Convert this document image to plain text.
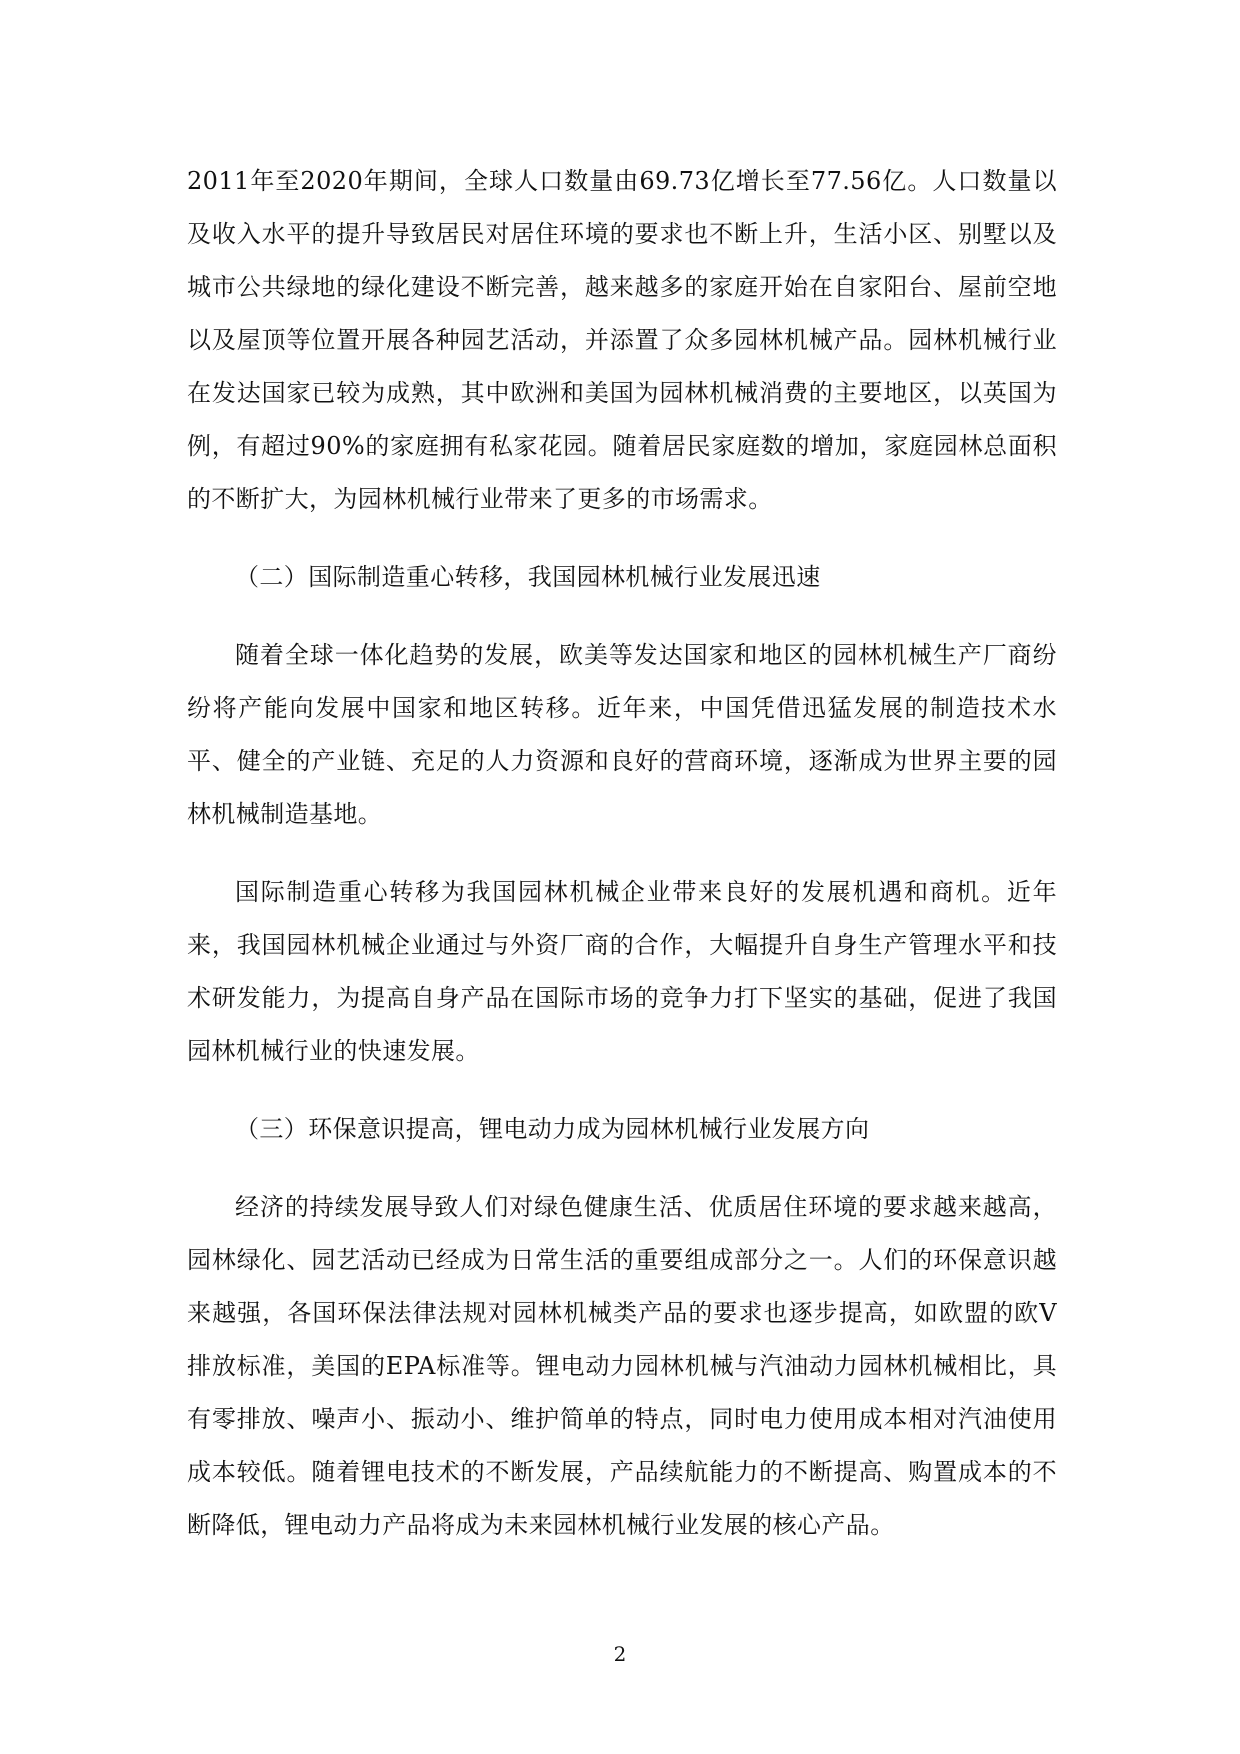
2011年至2020年期间，全球人口数量由69.73亿增长至77.56亿。人口数量以及收入水平的提升导致居民对居住环境的要求也不断上升，生活小区、别墅以及城市公共绿地的绿化建设不断完善，越来越多的家庭开始在自家阳台、屋前空地以及屋顶等位置开展各种园艺活动，并添置了众多园林机械产品。园林机械行业在发达国家已较为成熟，其中欧洲和美国为园林机械消费的主要地区，以英国为例，有超过90%的家庭拥有私家花园。随着居民家庭数的增加，家庭园林总面积的不断扩大，为园林机械行业带来了更多的市场需求。

（二）国际制造重心转移，我国园林机械行业发展迅速

随着全球一体化趋势的发展，欧美等发达国家和地区的园林机械生产厂商纷纷将产能向发展中国家和地区转移。近年来，中国凭借迅猛发展的制造技术水平、健全的产业链、充足的人力资源和良好的营商环境，逐渐成为世界主要的园林机械制造基地。

国际制造重心转移为我国园林机械企业带来良好的发展机遇和商机。近年来，我国园林机械企业通过与外资厂商的合作，大幅提升自身生产管理水平和技术研发能力，为提高自身产品在国际市场的竞争力打下坚实的基础，促进了我国园林机械行业的快速发展。

（三）环保意识提高，锂电动力成为园林机械行业发展方向

经济的持续发展导致人们对绿色健康生活、优质居住环境的要求越来越高，园林绿化、园艺活动已经成为日常生活的重要组成部分之一。人们的环保意识越来越强，各国环保法律法规对园林机械类产品的要求也逐步提高，如欧盟的欧Ⅴ排放标准，美国的EPA标准等。锂电动力园林机械与汽油动力园林机械相比，具有零排放、噪声小、振动小、维护简单的特点，同时电力使用成本相对汽油使用成本较低。随着锂电技术的不断发展，产品续航能力的不断提高、购置成本的不断降低，锂电动力产品将成为未来园林机械行业发展的核心产品。

2
